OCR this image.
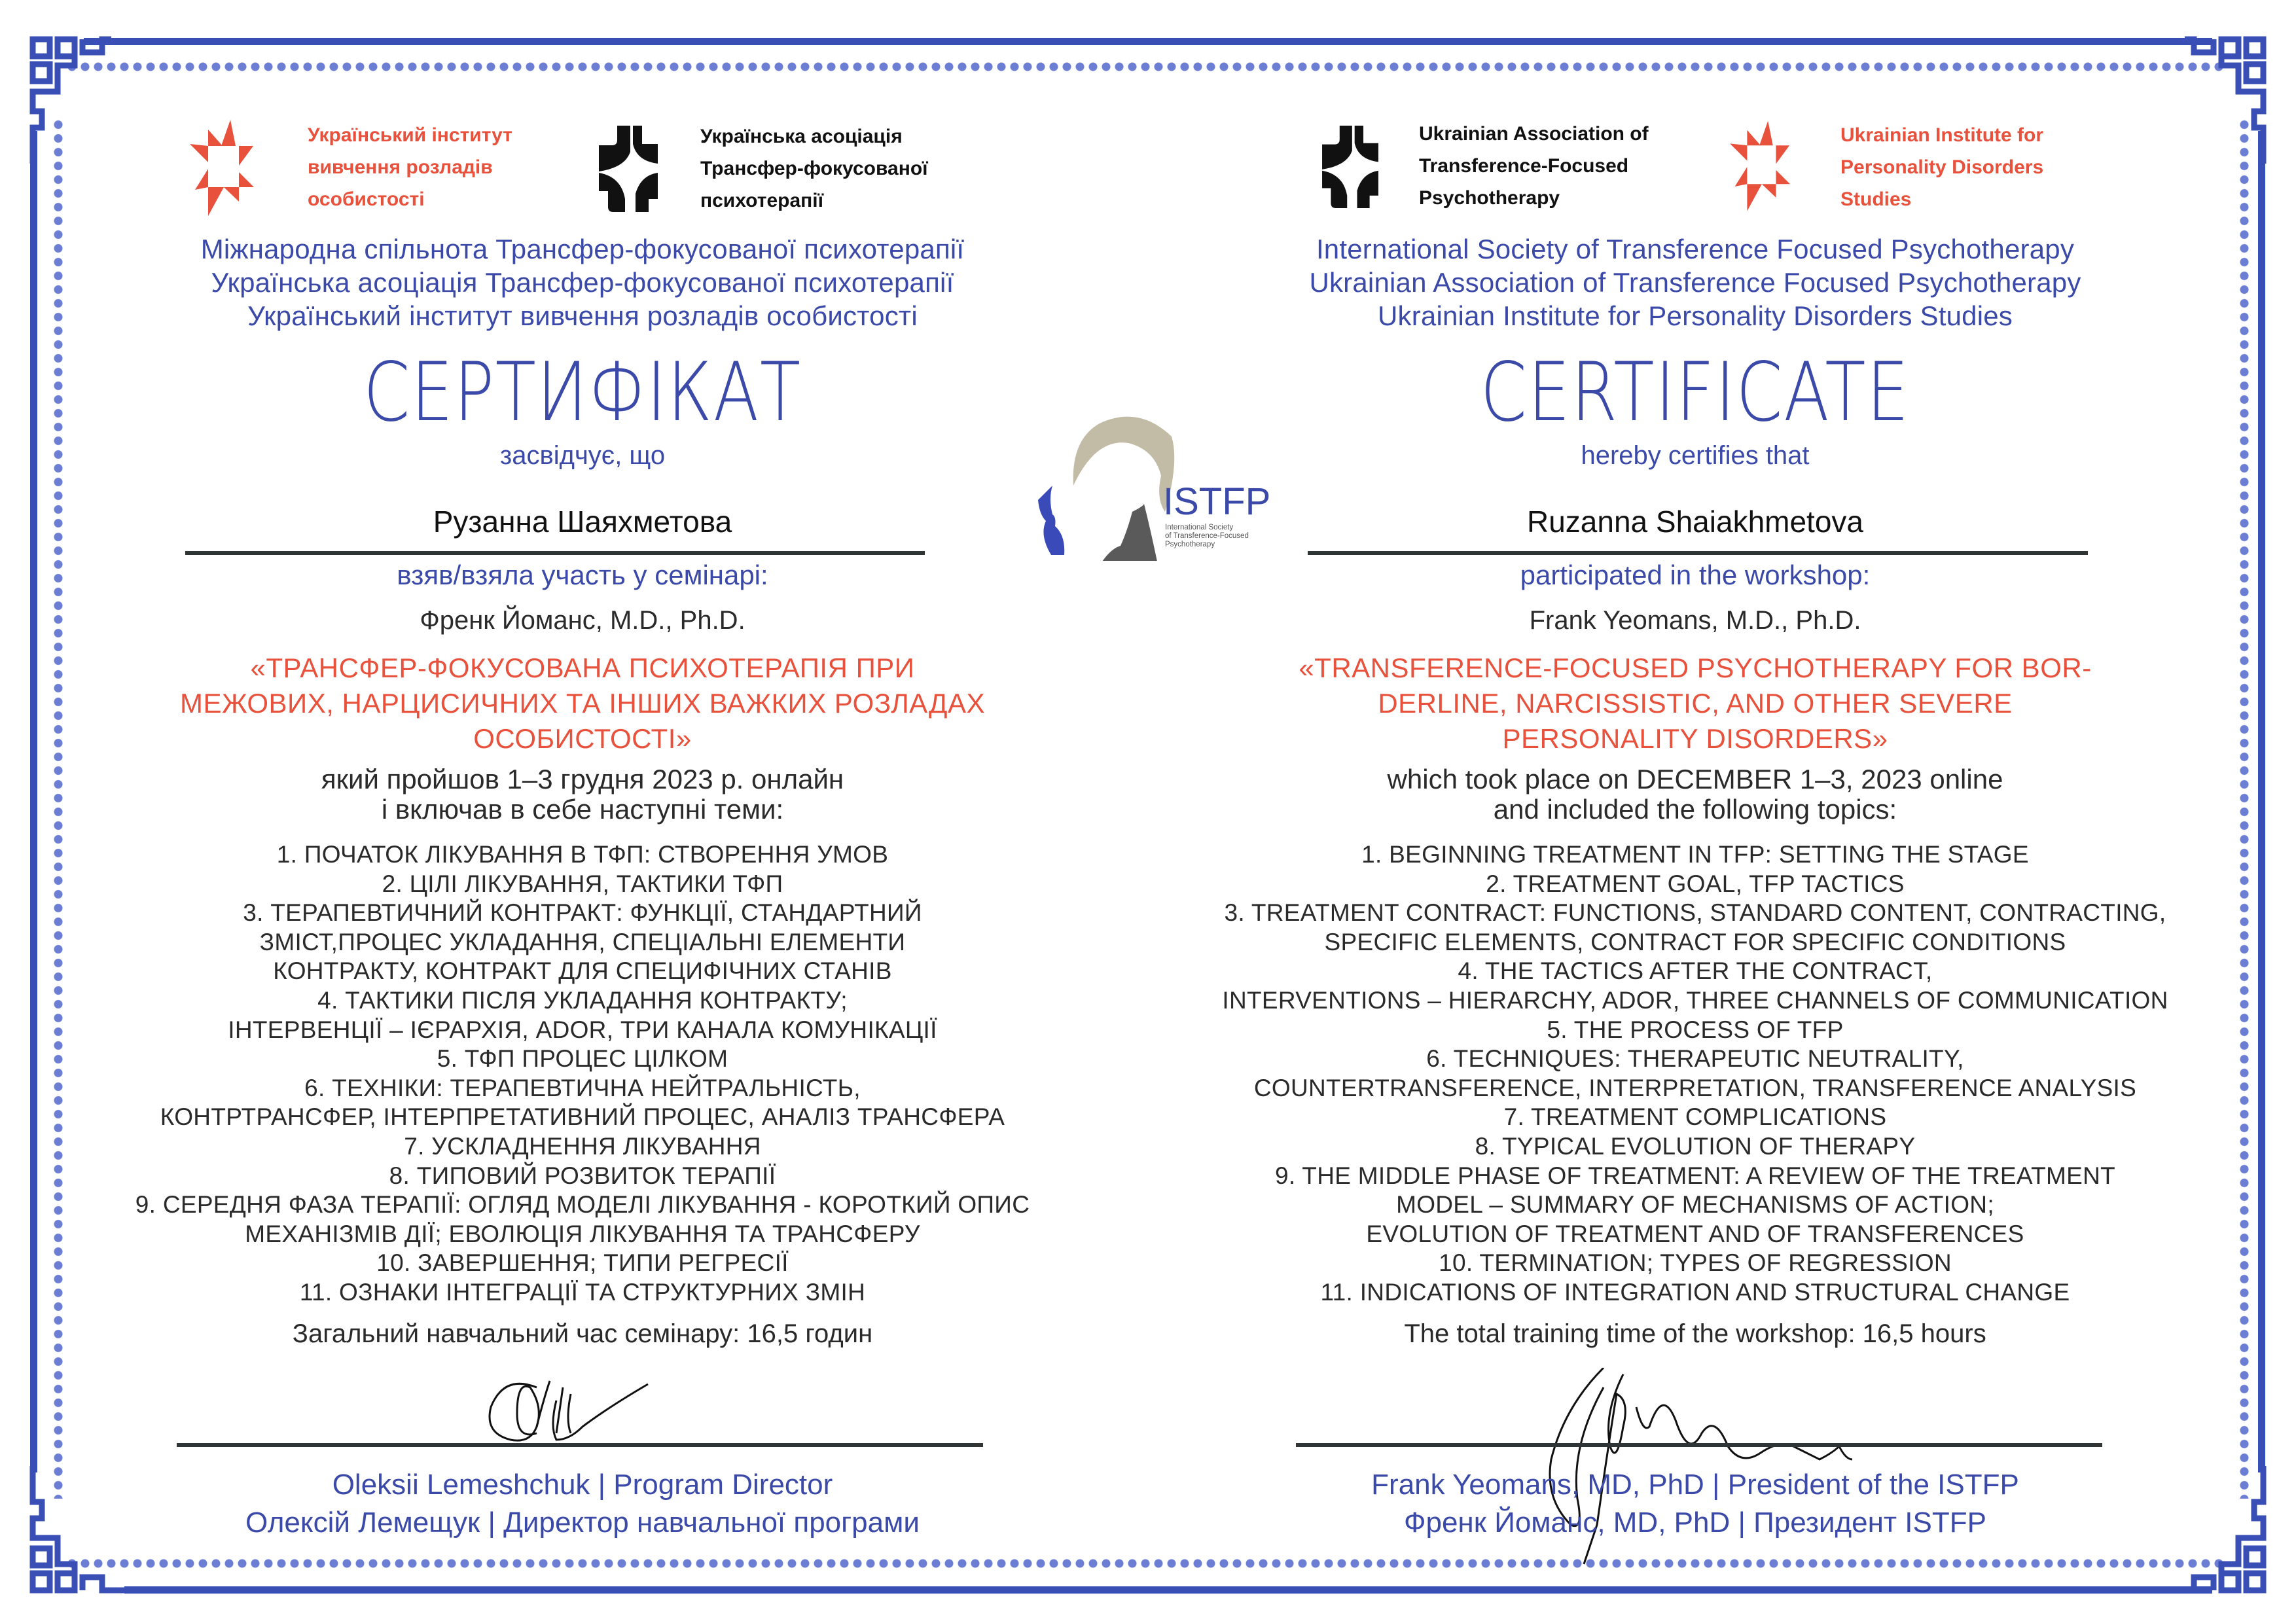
Український інститут
вивчення розладів
особистості
Українська асоціація
Трансфер-фокусованої
психотерапії
Ukrainian Association of
Transference-Focused
Psychotherapy
Ukrainian Institute for
Personality Disorders
Studies
ISTFP
International Society
of Transference-Focused
Psychotherapy
Міжнародна спільнота Трансфер-фокусованої психотерапії
Українська асоціація Трансфер-фокусованої психотерапії
Український інститут вивчення розладів особистості
СЕРТИФІКАТ
засвідчує, що
Рузанна Шаяхметова
взяв/взяла участь у семінарі:
Френк Йоманс, M.D., Ph.D.
«ТРАНСФЕР-ФОКУСОВАНА ПСИХОТЕРАПІЯ ПРИ
МЕЖОВИХ, НАРЦИСИЧНИХ ТА ІНШИХ ВАЖКИХ РОЗЛАДАХ
ОСОБИСТОСТІ»
який пройшов 1–3 грудня 2023 р. онлайн
і включав в себе наступні теми:
1. ПОЧАТОК ЛІКУВАННЯ В ТФП: СТВОРЕННЯ УМОВ
2. ЦІЛІ ЛІКУВАННЯ, ТАКТИКИ ТФП
3. ТЕРАПЕВТИЧНИЙ КОНТРАКТ: ФУНКЦІЇ, СТАНДАРТНИЙ
ЗМІСТ,ПРОЦЕС УКЛАДАННЯ, СПЕЦІАЛЬНІ ЕЛЕМЕНТИ
КОНТРАКТУ, КОНТРАКТ ДЛЯ СПЕЦИФІЧНИХ СТАНІВ
4. ТАКТИКИ ПІСЛЯ УКЛАДАННЯ КОНТРАКТУ;
ІНТЕРВЕНЦІЇ – ІЄРАРХІЯ, ADOR, ТРИ КАНАЛА КОМУНІКАЦІЇ
5. ТФП ПРОЦЕС ЦІЛКОМ
6. ТЕХНІКИ: ТЕРАПЕВТИЧНА НЕЙТРАЛЬНІСТЬ,
КОНТРТРАНСФЕР, ІНТЕРПРЕТАТИВНИЙ ПРОЦЕС, АНАЛІЗ ТРАНСФЕРА
7. УСКЛАДНЕННЯ ЛІКУВАННЯ
8. ТИПОВИЙ РОЗВИТОК ТЕРАПІЇ
9. СЕРЕДНЯ ФАЗА ТЕРАПІЇ: ОГЛЯД МОДЕЛІ ЛІКУВАННЯ - КОРОТКИЙ ОПИС
МЕХАНІЗМІВ ДІЇ; ЕВОЛЮЦІЯ ЛІКУВАННЯ ТА ТРАНСФЕРУ
10. ЗАВЕРШЕННЯ; ТИПИ РЕГРЕСІЇ
11. ОЗНАКИ ІНТЕГРАЦІЇ ТА СТРУКТУРНИХ ЗМІН
Загальний навчальний час семінару: 16,5 годин
Oleksii Lemeshchuk | Program Director
Олексій Лемещук | Директор навчальної програми
International Society of Transference Focused Psychotherapy
Ukrainian Association of Transference Focused Psychotherapy
Ukrainian Institute for Personality Disorders Studies
CERTIFICATE
hereby certifies that
Ruzanna Shaiakhmetova
participated in the workshop:
Frank Yeomans, M.D., Ph.D.
«TRANSFERENCE-FOCUSED PSYCHOTHERAPY FOR BOR-
DERLINE, NARCISSISTIC, AND OTHER SEVERE
PERSONALITY DISORDERS»
which took place on DECEMBER 1–3, 2023 online
and included the following topics:
1. BEGINNING TREATMENT IN TFP: SETTING THE STAGE
2. TREATMENT GOAL, TFP TACTICS
3. TREATMENT CONTRACT: FUNCTIONS, STANDARD CONTENT, CONTRACTING,
SPECIFIC ELEMENTS, CONTRACT FOR SPECIFIC CONDITIONS
4. THE TACTICS AFTER THE CONTRACT,
INTERVENTIONS – HIERARCHY, ADOR, THREE CHANNELS OF COMMUNICATION
5. THE PROCESS OF TFP
6. TECHNIQUES: THERAPEUTIC NEUTRALITY,
COUNTERTRANSFERENCE, INTERPRETATION, TRANSFERENCE ANALYSIS
7. TREATMENT COMPLICATIONS
8. TYPICAL EVOLUTION OF THERAPY
9. THE MIDDLE PHASE OF TREATMENT: A REVIEW OF THE TREATMENT
MODEL – SUMMARY OF MECHANISMS OF ACTION;
EVOLUTION OF TREATMENT AND OF TRANSFERENCES
10. TERMINATION; TYPES OF REGRESSION
11. INDICATIONS OF INTEGRATION AND STRUCTURAL CHANGE
The total training time of the workshop: 16,5 hours
Frank Yeomans, MD, PhD | President of the ISTFP
Френк Йоманс, MD, PhD | Президент ISTFP
